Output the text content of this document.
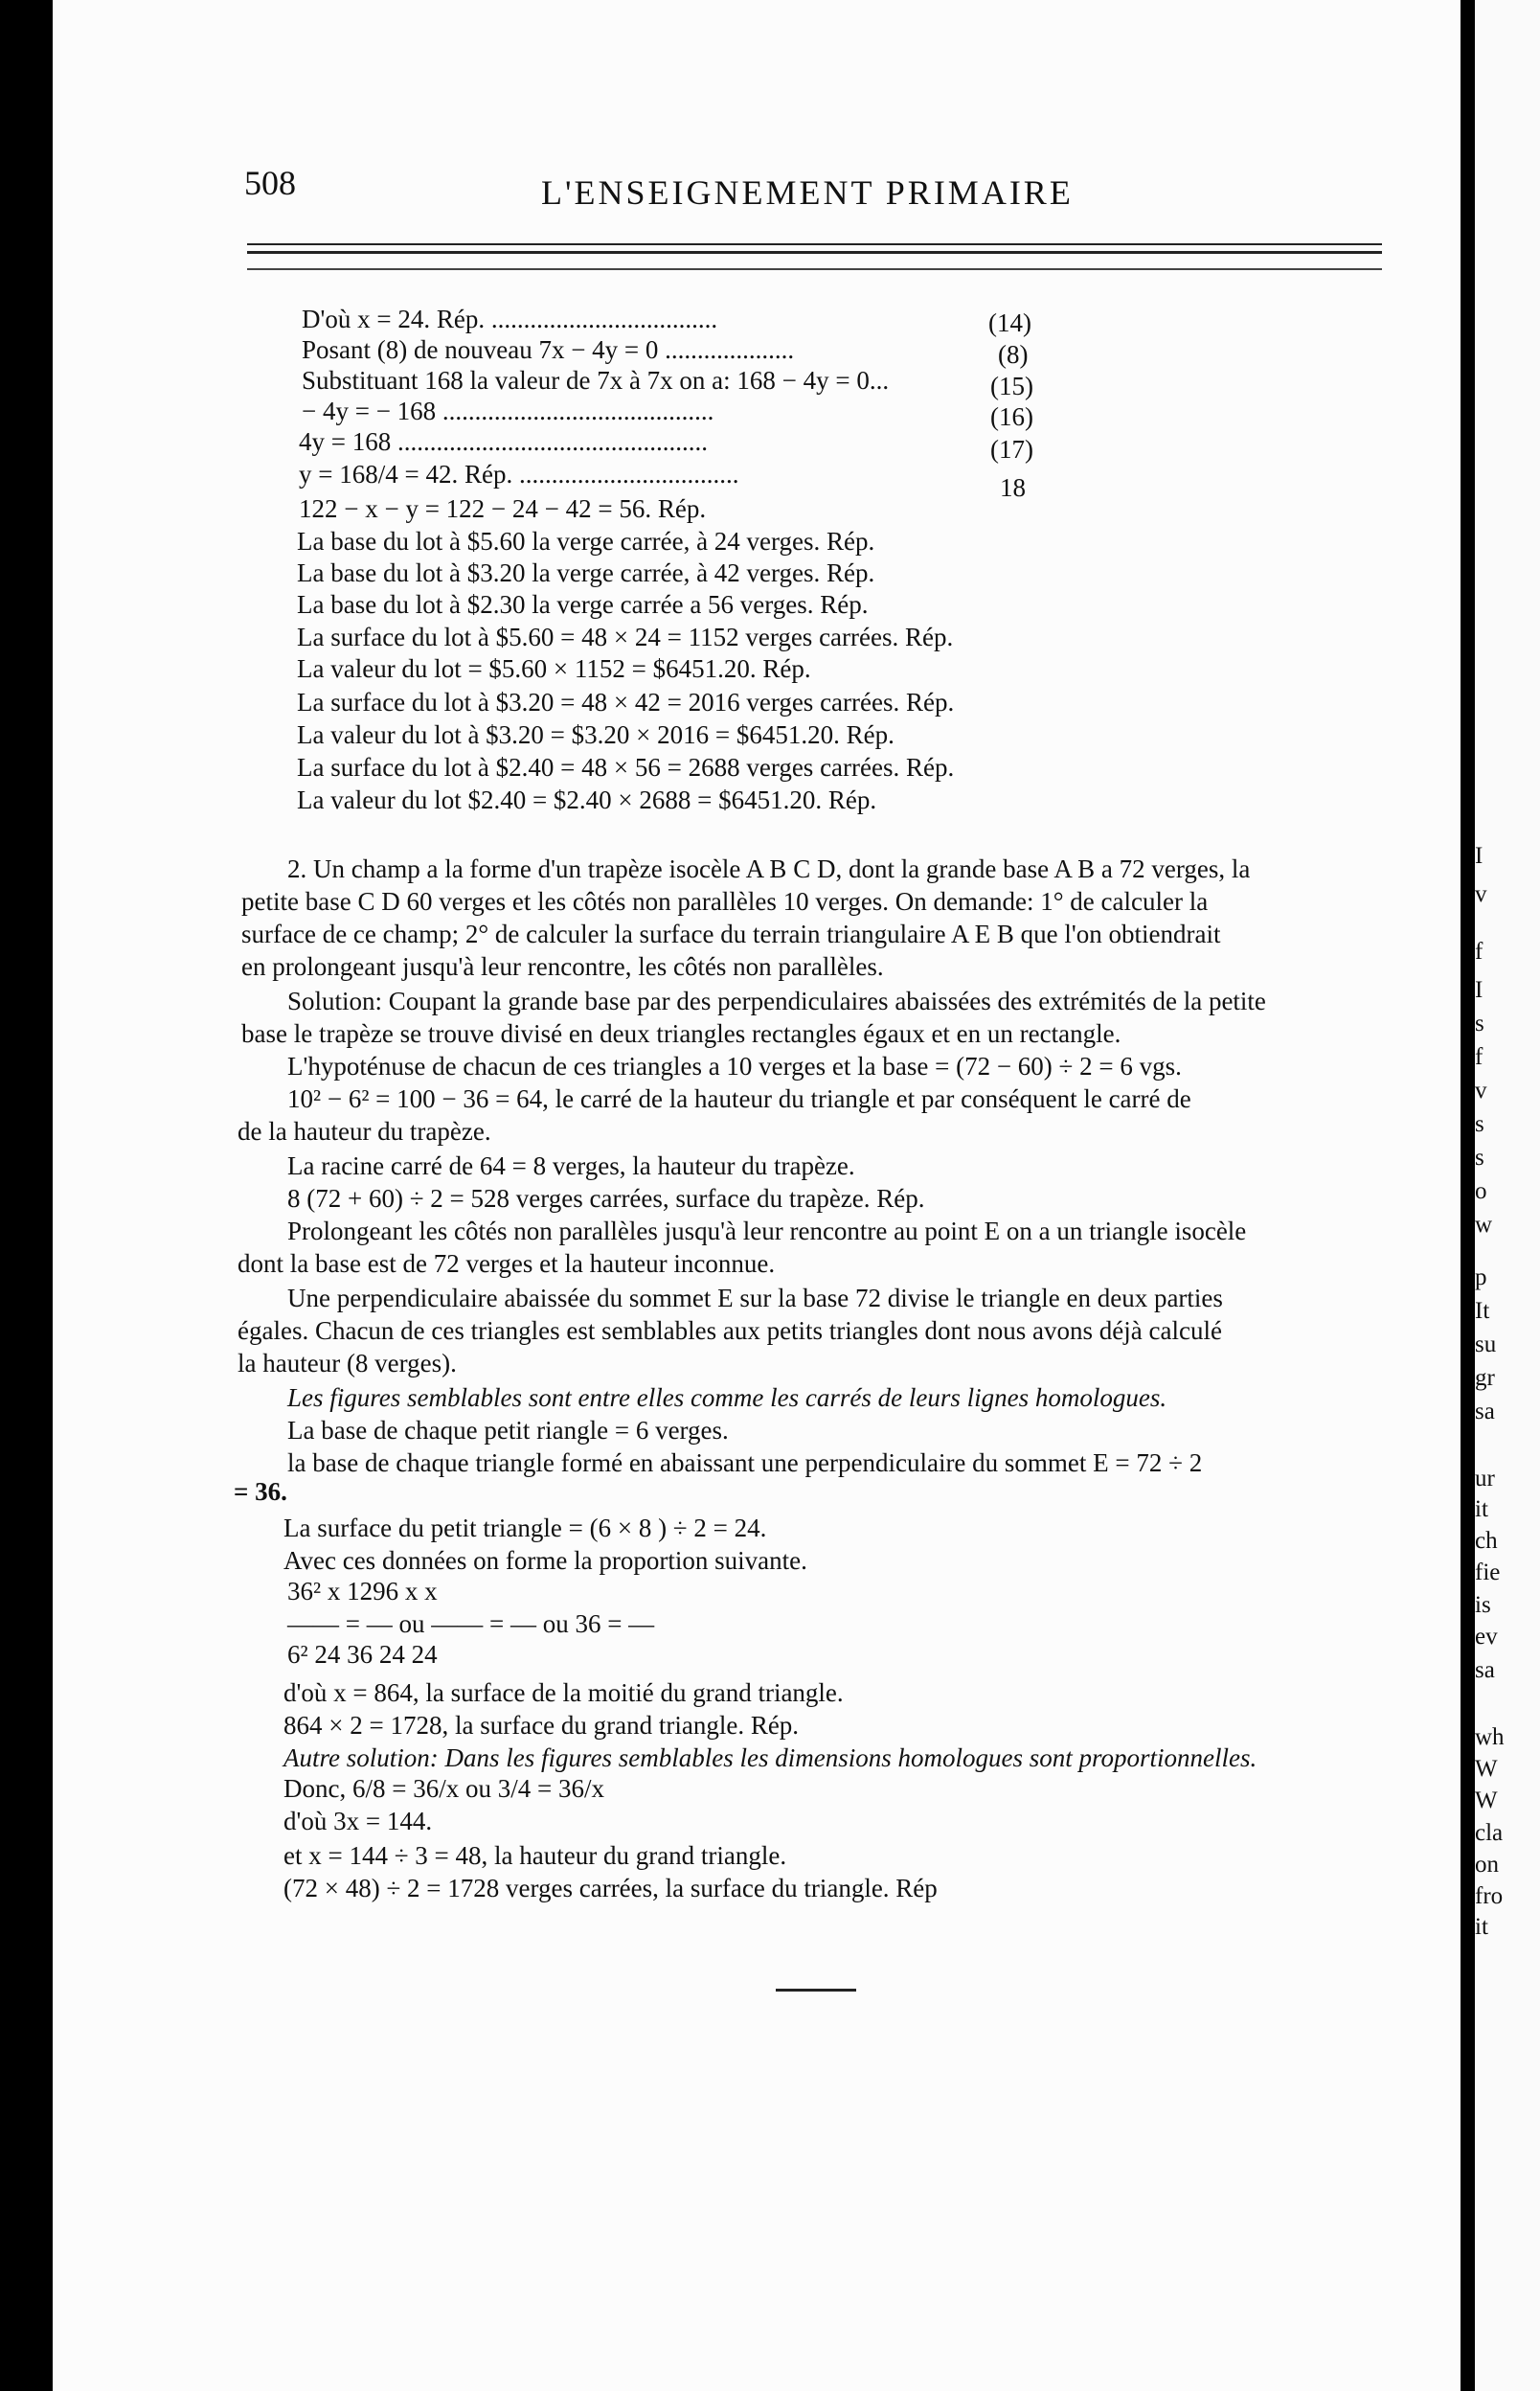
508	L'ENSEIGNEMENT PRIMAIRE
D'où x = 24. Rép. ...................................	(14)
Posant (8) de nouveau 7x − 4y = 0 ....................	(8)
Substituant 168 la valeur de 7x à 7x on a: 168 − 4y = 0...	(15)
− 4y = − 168 ..........................................	(16)
4y = 168 ................................................	(17)
y = 168/4 = 42. Rép. ..................................	18
122 − x − y = 122 − 24 − 42 = 56. Rép.
La base du lot à $5.60 la verge carrée, à 24 verges. Rép.
La base du lot à $3.20 la verge carrée, à 42 verges. Rép.
La base du lot à $2.30 la verge carrée a 56 verges. Rép.
La surface du lot à $5.60 = 48 × 24 = 1152 verges carrées. Rép.
La valeur du lot = $5.60 × 1152 = $6451.20. Rép.
La surface du lot à $3.20 = 48 × 42 = 2016 verges carrées. Rép.
La valeur du lot à $3.20 = $3.20 × 2016 = $6451.20. Rép.
La surface du lot à $2.40 = 48 × 56 = 2688 verges carrées. Rép.
La valeur du lot $2.40 = $2.40 × 2688 = $6451.20. Rép.
2. Un champ a la forme d'un trapèze isocèle A B C D, dont la grande base A B a 72 verges, la
petite base C D 60 verges et les côtés non parallèles 10 verges. On demande: 1° de calculer la
surface de ce champ; 2° de calculer la surface du terrain triangulaire A E B que l'on obtiendrait
en prolongeant jusqu'à leur rencontre, les côtés non parallèles.
Solution: Coupant la grande base par des perpendiculaires abaissées des extrémités de la petite
base le trapèze se trouve divisé en deux triangles rectangles égaux et en un rectangle.
L'hypoténuse de chacun de ces triangles a 10 verges et la base = (72 − 60) ÷ 2 = 6 vgs.
10² − 6² = 100 − 36 = 64, le carré de la hauteur du triangle et par conséquent le carré de
de la hauteur du trapèze.
La racine carré de 64 = 8 verges, la hauteur du trapèze.
8 (72 + 60) ÷ 2 = 528 verges carrées, surface du trapèze. Rép.
Prolongeant les côtés non parallèles jusqu'à leur rencontre au point E on a un triangle isocèle
dont la base est de 72 verges et la hauteur inconnue.
Une perpendiculaire abaissée du sommet E sur la base 72 divise le triangle en deux parties
égales. Chacun de ces triangles est semblables aux petits triangles dont nous avons déjà calculé
la hauteur (8 verges).
Les figures semblables sont entre elles comme les carrés de leurs lignes homologues.
La base de chaque petit riangle = 6 verges.
la base de chaque triangle formé en abaissant une perpendiculaire du sommet E = 72 ÷ 2
= 36.
La surface du petit triangle = (6 × 8 ) ÷ 2 = 24.
Avec ces données on forme la proportion suivante.
36² x 1296 x x
—— = — ou —— = — ou 36 = —
6² 24 36 24 24
d'où x = 864, la surface de la moitié du grand triangle.
864 × 2 = 1728, la surface du grand triangle. Rép.
Autre solution: Dans les figures semblables les dimensions homologues sont proportionnelles.
Donc, 6/8 = 36/x ou 3/4 = 36/x
d'où 3x = 144.
et x = 144 ÷ 3 = 48, la hauteur du grand triangle.
(72 × 48) ÷ 2 = 1728 verges carrées, la surface du triangle. Rép
I
v
f
I
s
f
v
s
s
o
w
p
It
su
gr
sa
ur
it
ch
fie
is
ev
sa
wh
W
W
cla
on
fro
it
